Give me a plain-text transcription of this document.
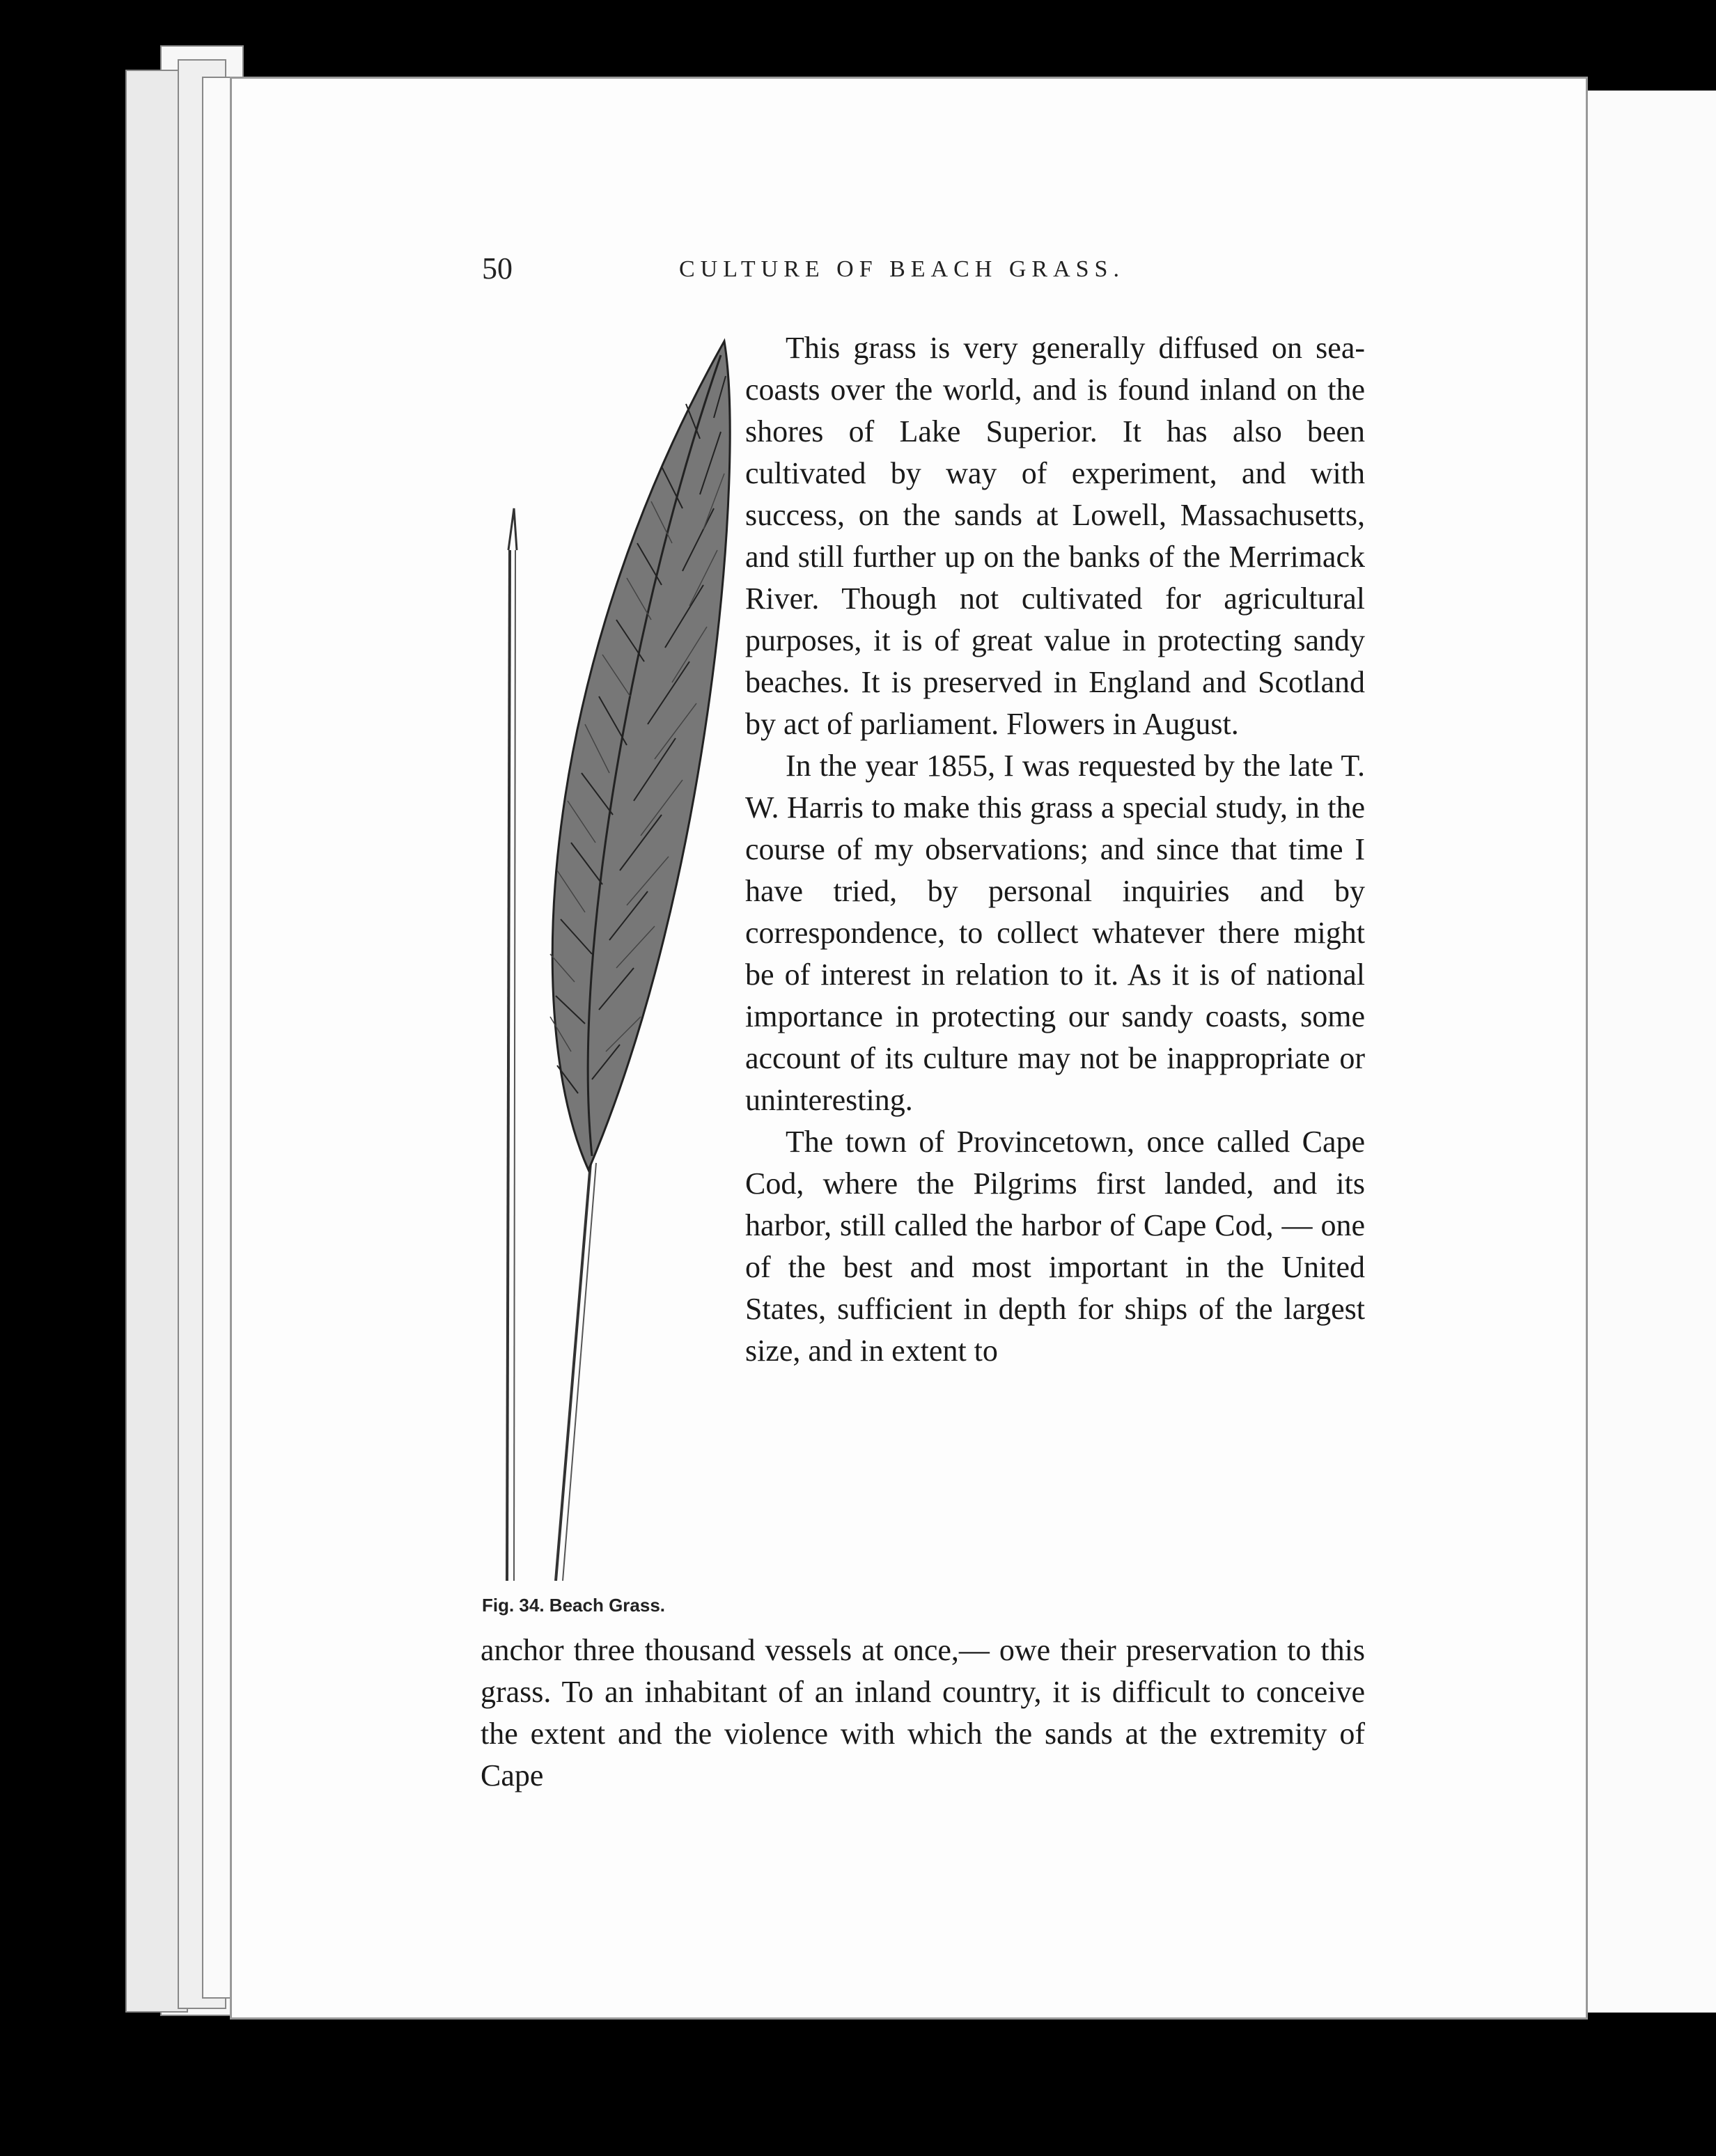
50	CULTURE OF BEACH GRASS.

This grass is very generally diffused on sea-coasts over the world, and is found inland on the shores of Lake Superior. It has also been cultivated by way of experiment, and with success, on the sands at Lowell, Massachusetts, and still further up on the banks of the Merrimack River. Though not cultivated for agricultural purposes, it is of great value in protecting sandy beaches. It is preserved in England and Scotland by act of parliament. Flowers in August.

In the year 1855, I was requested by the late T. W. Harris to make this grass a special study, in the course of my observations; and since that time I have tried, by personal inquiries and by correspondence, to collect whatever there might be of interest in relation to it. As it is of national importance in protecting our sandy coasts, some account of its culture may not be inappropriate or uninteresting.

The town of Provincetown, once called Cape Cod, where the Pilgrims first landed, and its harbor, still called the harbor of Cape Cod, — one of the best and most important in the United States, sufficient in depth for ships of the largest size, and in extent to

Fig. 34. Beach Grass.
anchor three thousand vessels at once,— owe their preservation to this grass. To an inhabitant of an inland country, it is difficult to conceive the extent and the violence with which the sands at the extremity of Cape
